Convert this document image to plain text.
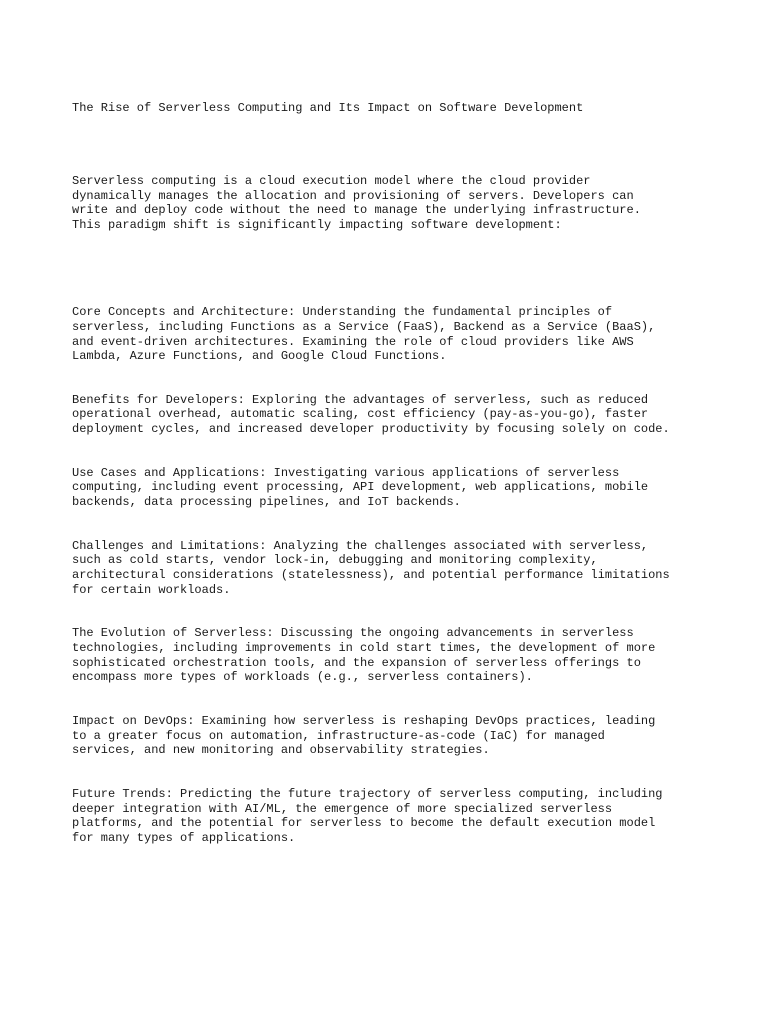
The Rise of Serverless Computing and Its Impact on Software Development

Serverless computing is a cloud execution model where the cloud provider
dynamically manages the allocation and provisioning of servers. Developers can
write and deploy code without the need to manage the underlying infrastructure.
This paradigm shift is significantly impacting software development:

Core Concepts and Architecture: Understanding the fundamental principles of
serverless, including Functions as a Service (FaaS), Backend as a Service (BaaS),
and event-driven architectures. Examining the role of cloud providers like AWS
Lambda, Azure Functions, and Google Cloud Functions.

Benefits for Developers: Exploring the advantages of serverless, such as reduced
operational overhead, automatic scaling, cost efficiency (pay-as-you-go), faster
deployment cycles, and increased developer productivity by focusing solely on code.

Use Cases and Applications: Investigating various applications of serverless
computing, including event processing, API development, web applications, mobile
backends, data processing pipelines, and IoT backends.

Challenges and Limitations: Analyzing the challenges associated with serverless,
such as cold starts, vendor lock-in, debugging and monitoring complexity,
architectural considerations (statelessness), and potential performance limitations
for certain workloads.

The Evolution of Serverless: Discussing the ongoing advancements in serverless
technologies, including improvements in cold start times, the development of more
sophisticated orchestration tools, and the expansion of serverless offerings to
encompass more types of workloads (e.g., serverless containers).

Impact on DevOps: Examining how serverless is reshaping DevOps practices, leading
to a greater focus on automation, infrastructure-as-code (IaC) for managed
services, and new monitoring and observability strategies.

Future Trends: Predicting the future trajectory of serverless computing, including
deeper integration with AI/ML, the emergence of more specialized serverless
platforms, and the potential for serverless to become the default execution model
for many types of applications.
